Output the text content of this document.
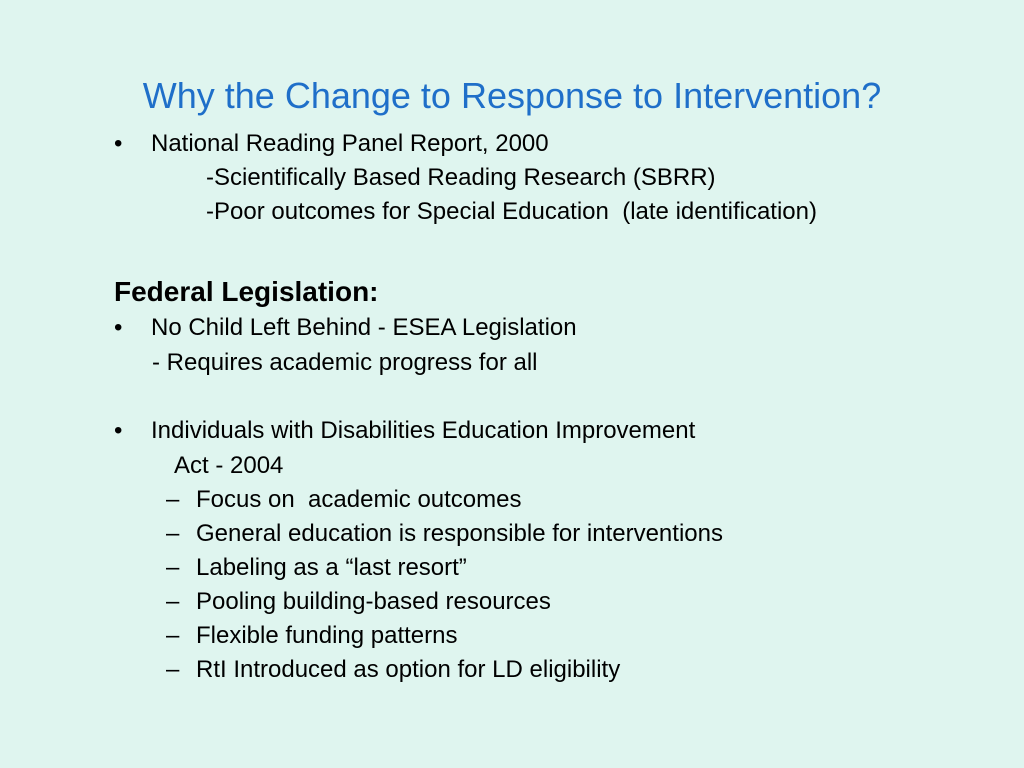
Why the Change to Response to Intervention?
• National Reading Panel Report, 2000
-Scientifically Based Reading Research (SBRR)
-Poor outcomes for Special Education  (late identification)
Federal Legislation:
• No Child Left Behind - ESEA Legislation
- Requires academic progress for all
• Individuals with Disabilities Education Improvement
Act - 2004
– Focus on  academic outcomes
– General education is responsible for interventions
– Labeling as a “last resort”
– Pooling building-based resources
– Flexible funding patterns
– RtI Introduced as option for LD eligibility
